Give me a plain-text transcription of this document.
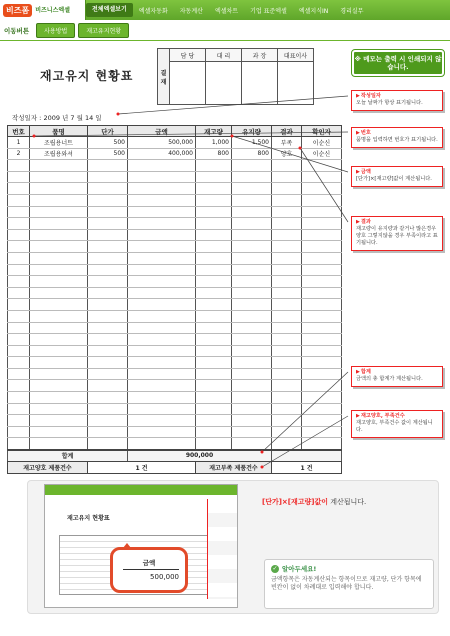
비즈폼	비즈니스엑셀	전체엑셀보기	엑셀자동화	자동계산	엑셀차트	기업 표준엑셀	엑셀지식IN	경리실무
이동버튼	사용방법	재고유지현황
재고유지 현황표	결재	담 당	대 리	과 장	대표이사
				※ 메모는 출력 시 인쇄되지 않습니다.
작성일자 : 2009 년 7 월 14 일
번호	품명	단가	금액	재고량	유지량	결과	확인자
1	조립용너트	500	500,000	1,000	1,500	부족	이순신
2	조립용와셔	500	400,000	800	800	양호	이순신

합계			900,000				
재고양호 제품건수		1 건		재고부족 제품건수		1 건	
▶ 작성일자
오늘 날짜가 항상 표기됩니다.
▶ 번호
품명을 입력하면 번호가 표기됩니다.
▶ 금액
[단가]×[재고량]값이 계산됩니다.
▶ 결과
재고량이 유지량과 같거나 많은경우 양호 그렇지않을 경우 부족이라고 표기됩니다.
▶ 합계
금액의 총 합계가 계산됩니다.
▶ 재고양호, 부족건수
재고양호, 부족건수 값이 계산됩니다.
재고유지 현황표
금액
500,000
[단가]×[재고량]값이 계산됩니다.
✓ 알아두세요!
금액항목은 자동계산되는 항목이므로 재고량, 단가 항목에 빈칸이 없이 차례대로 입력해야 합니다.
